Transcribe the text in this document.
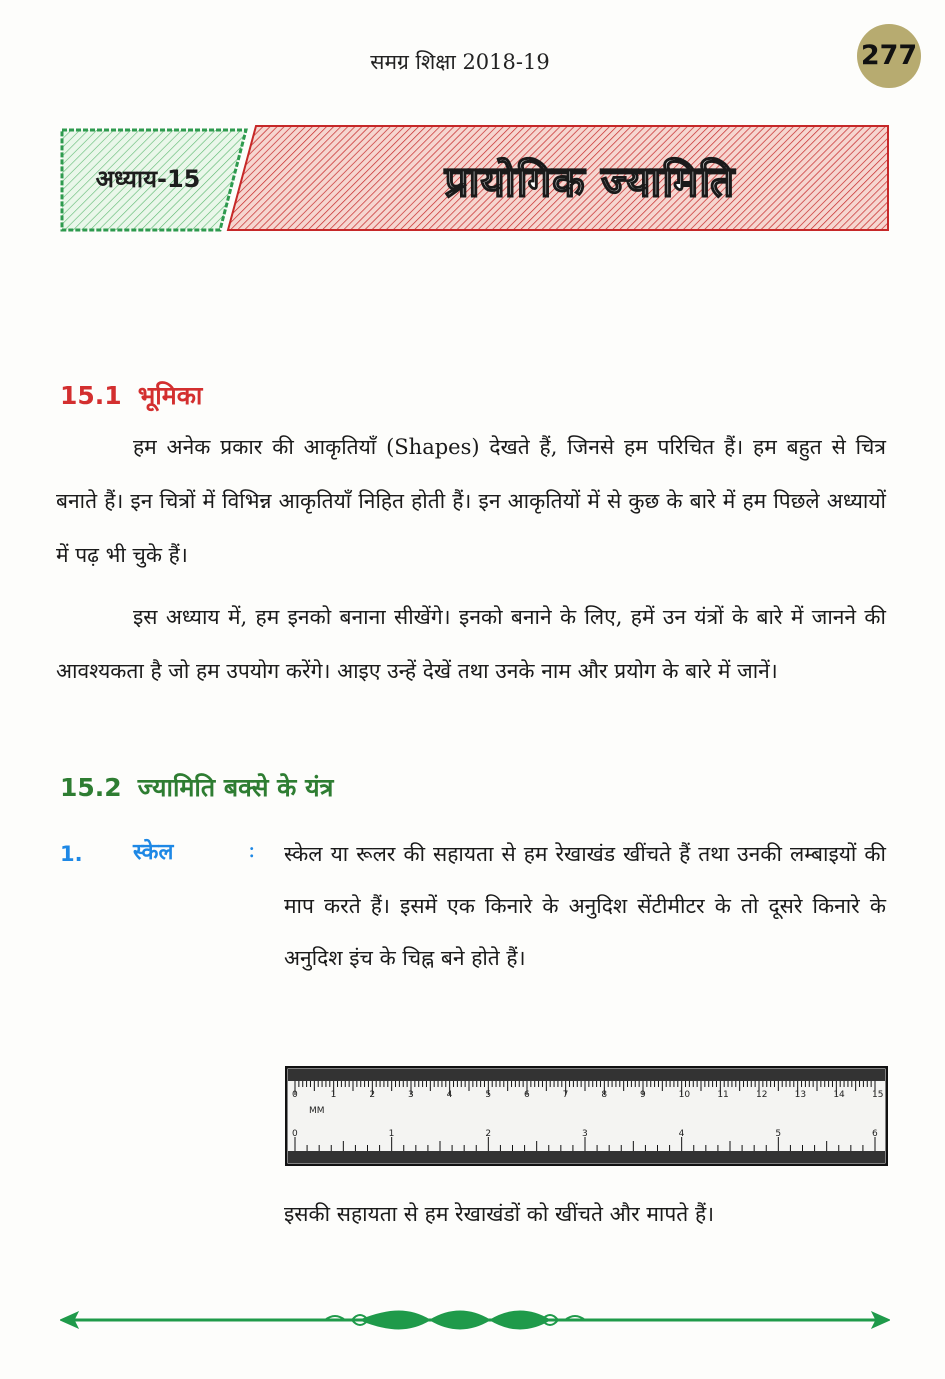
समग्र शिक्षा 2018-19	277
अध्याय-15	प्रायोगिक ज्यामिति
15.1 भूमिका

हम अनेक प्रकार की आकृतियाँ (Shapes) देखते हैं, जिनसे हम परिचित हैं। हम बहुत से चित्र बनाते हैं। इन चित्रों में विभिन्न आकृतियाँ निहित होती हैं। इन आकृतियों में से कुछ के बारे में हम पिछले अध्यायों में पढ़ भी चुके हैं।

इस अध्याय में, हम इनको बनाना सीखेंगे। इनको बनाने के लिए, हमें उन यंत्रों के बारे में जानने की आवश्यकता है जो हम उपयोग करेंगे। आइए उन्हें देखें तथा उनके नाम और प्रयोग के बारे में जानें।

15.2 ज्यामिति बक्से के यंत्र
1. स्केल	: स्केल या रूलर की सहायता से हम रेखाखंड खींचते हैं तथा उनकी लम्बाइयों की माप करते हैं। इसमें एक किनारे के अनुदिश सेंटीमीटर के तो दूसरे किनारे के अनुदिश इंच के चिह्न बने होते हैं।

0	1	2	3	4	5	6	7	8	9	10	11	12	13	14	15
MM
0	1	2	3	4	5	6

इसकी सहायता से हम रेखाखंडों को खींचते और मापते हैं।
